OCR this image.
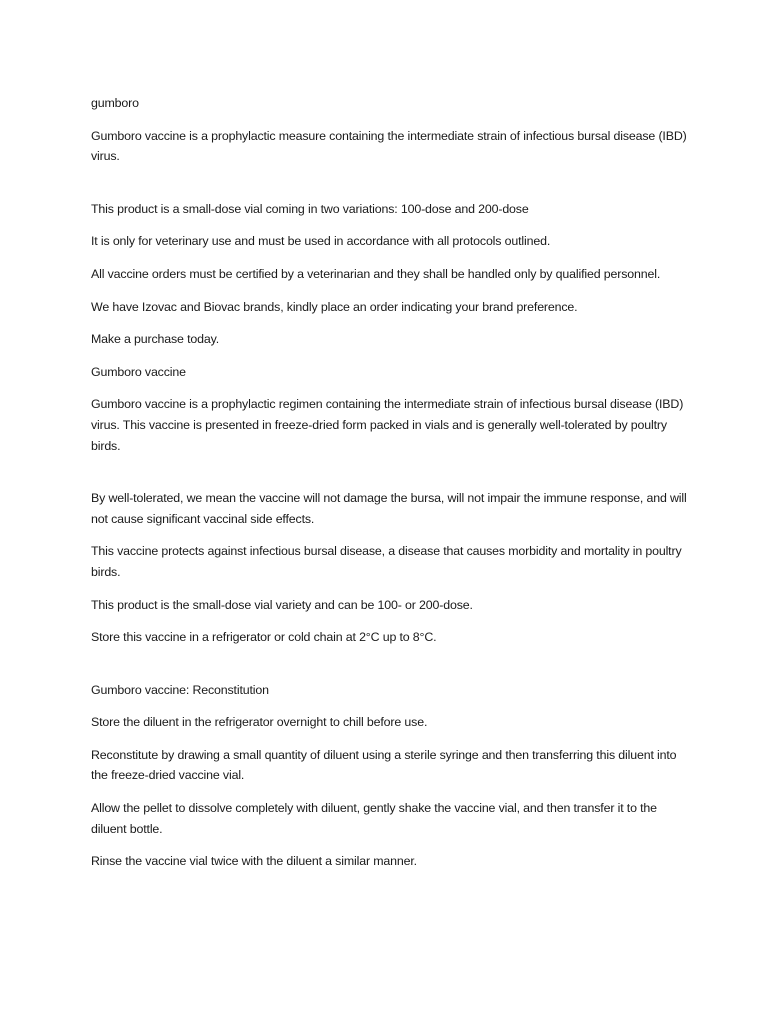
gumboro

Gumboro vaccine is a prophylactic measure containing the intermediate strain of infectious bursal disease (IBD) virus.

This product is a small-dose vial coming in two variations: 100-dose and 200-dose

It is only for veterinary use and must be used in accordance with all protocols outlined.

All vaccine orders must be certified by a veterinarian and they shall be handled only by qualified personnel.

We have Izovac and Biovac brands, kindly place an order indicating your brand preference.

Make a purchase today.

Gumboro vaccine

Gumboro vaccine is a prophylactic regimen containing the intermediate strain of infectious bursal disease (IBD) virus. This vaccine is presented in freeze-dried form packed in vials and is generally well-tolerated by poultry birds.

By well-tolerated, we mean the vaccine will not damage the bursa, will not impair the immune response, and will not cause significant vaccinal side effects.

This vaccine protects against infectious bursal disease, a disease that causes morbidity and mortality in poultry birds.

This product is the small-dose vial variety and can be 100- or 200-dose.

Store this vaccine in a refrigerator or cold chain at 2°C up to 8°C.

Gumboro vaccine: Reconstitution

Store the diluent in the refrigerator overnight to chill before use.

Reconstitute by drawing a small quantity of diluent using a sterile syringe and then transferring this diluent into the freeze-dried vaccine vial.

Allow the pellet to dissolve completely with diluent, gently shake the vaccine vial, and then transfer it to the diluent bottle.

Rinse the vaccine vial twice with the diluent a similar manner.
